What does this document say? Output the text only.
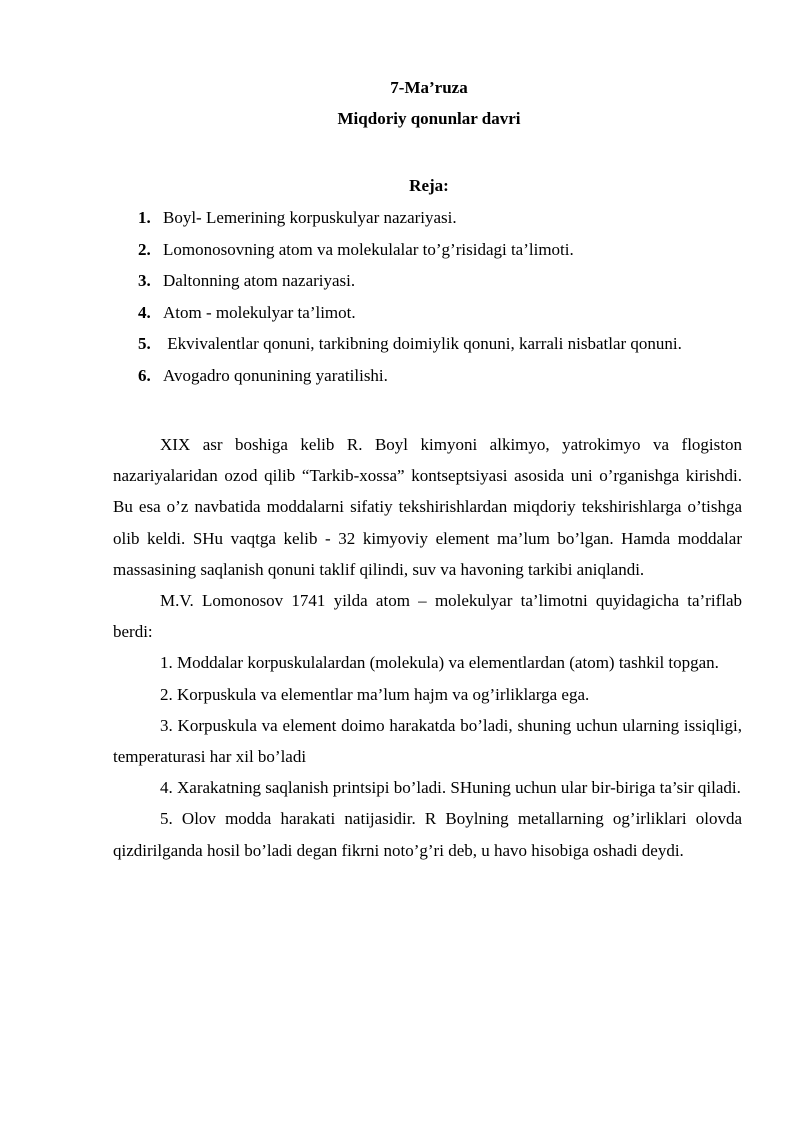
7-Ma’ruza
Miqdoriy qonunlar davri
Reja:
1. Boyl- Lemerining korpuskulyar nazariyasi.
2. Lomonosovning atom va molekulalar to’g’risidagi ta’limoti.
3. Daltonning atom nazariyasi.
4. Atom - molekulyar ta’limot.
5. Ekvivalentlar qonuni, tarkibning doimiylik qonuni, karrali nisbatlar qonuni.
6. Avogadro qonunining yaratilishi.

XIX asr boshiga kelib R. Boyl kimyoni alkimyo, yatrokimyo va flogiston nazariyalaridan ozod qilib “Tarkib-xossa” kontseptsiyasi asosida uni o’rganishga kirishdi. Bu esa o’z navbatida moddalarni sifatiy tekshirishlardan miqdoriy tekshirishlarga o’tishga olib keldi. SHu vaqtga kelib - 32 kimyoviy element ma’lum bo’lgan. Hamda moddalar massasining saqlanish qonuni taklif qilindi, suv va havoning tarkibi aniqlandi.

M.V. Lomonosov 1741 yilda atom – molekulyar ta’limotni quyidagicha ta’riflab berdi:

1. Moddalar korpuskulalardan (molekula) va elementlardan (atom) tashkil topgan.

2. Korpuskula va elementlar ma’lum hajm va og’irliklarga ega.

3. Korpuskula va element doimo harakatda bo’ladi, shuning uchun ularning issiqligi, temperaturasi har xil bo’ladi

4. Xarakatning saqlanish printsipi bo’ladi. SHuning uchun ular bir-biriga ta’sir qiladi.

5. Olov modda harakati natijasidir. R Boylning metallarning og’irliklari olovda qizdirilganda hosil bo’ladi degan fikrni noto’g’ri deb, u havo hisobiga oshadi deydi.
